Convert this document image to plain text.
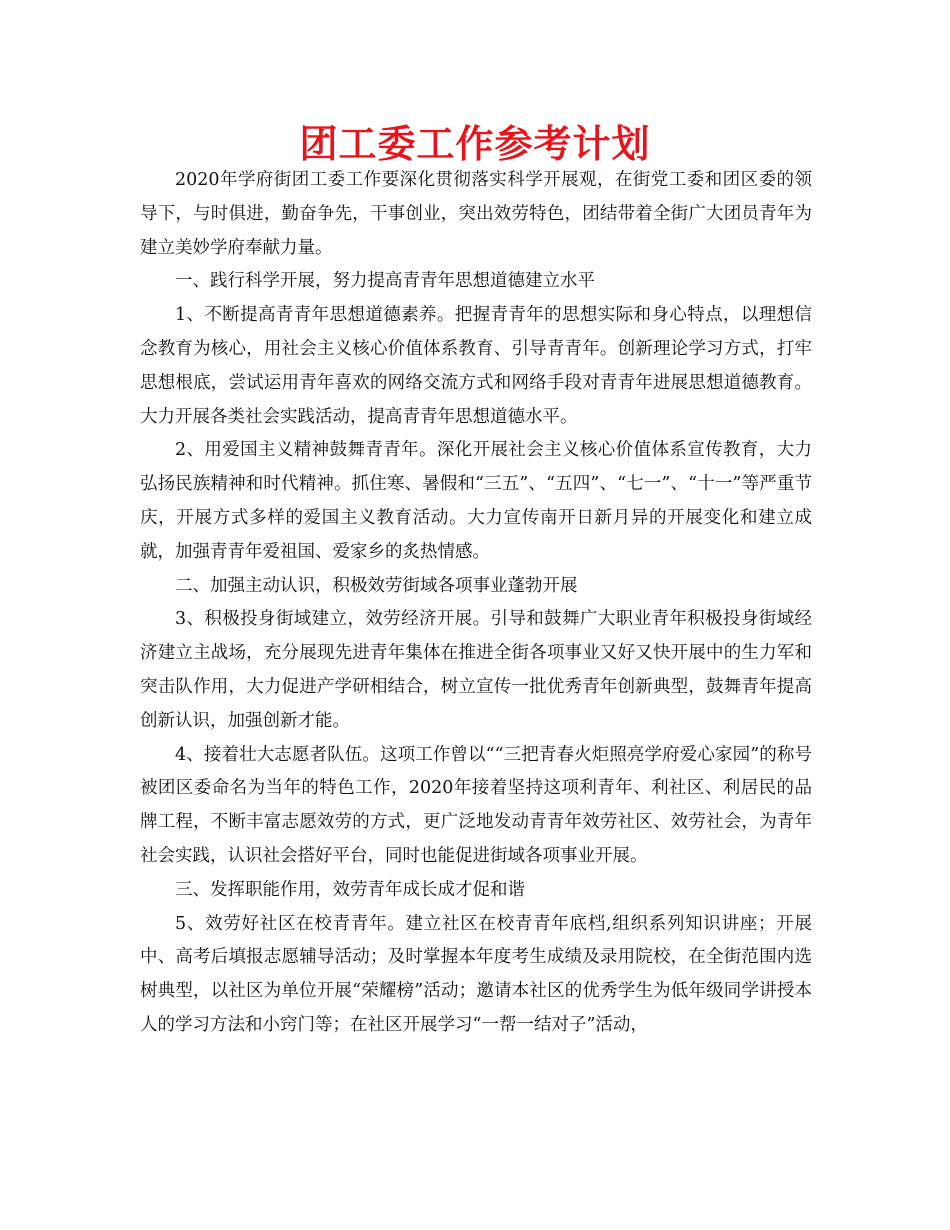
团工委工作参考计划

2020年学府街团工委工作要深化贯彻落实科学开展观，在街党工委和团区委的领导下，与时俱进，勤奋争先，干事创业，突出效劳特色，团结带着全街广大团员青年为建立美妙学府奉献力量。

一、践行科学开展，努力提高青青年思想道德建立水平

1、不断提高青青年思想道德素养。把握青青年的思想实际和身心特点，以理想信念教育为核心，用社会主义核心价值体系教育、引导青青年。创新理论学习方式，打牢思想根底，尝试运用青年喜欢的网络交流方式和网络手段对青青年进展思想道德教育。大力开展各类社会实践活动，提高青青年思想道德水平。

2、用爱国主义精神鼓舞青青年。深化开展社会主义核心价值体系宣传教育，大力弘扬民族精神和时代精神。抓住寒、暑假和“三五”、“五四”、“七一”、“十一”等严重节庆，开展方式多样的爱国主义教育活动。大力宣传南开日新月异的开展变化和建立成就，加强青青年爱祖国、爱家乡的炙热情感。

二、加强主动认识，积极效劳街域各项事业蓬勃开展

3、积极投身街域建立，效劳经济开展。引导和鼓舞广大职业青年积极投身街域经济建立主战场，充分展现先进青年集体在推进全街各项事业又好又快开展中的生力军和突击队作用，大力促进产学研相结合，树立宣传一批优秀青年创新典型，鼓舞青年提高创新认识，加强创新才能。

4、接着壮大志愿者队伍。这项工作曾以““三把青春火炬照亮学府爱心家园”的称号被团区委命名为当年的特色工作，2020年接着坚持这项利青年、利社区、利居民的品牌工程，不断丰富志愿效劳的方式，更广泛地发动青青年效劳社区、效劳社会，为青年社会实践，认识社会搭好平台，同时也能促进街域各项事业开展。

三、发挥职能作用，效劳青年成长成才促和谐

5、效劳好社区在校青青年。建立社区在校青青年底档,组织系列知识讲座；开展中、高考后填报志愿辅导活动；及时掌握本年度考生成绩及录用院校，在全街范围内选树典型，以社区为单位开展“荣耀榜”活动；邀请本社区的优秀学生为低年级同学讲授本人的学习方法和小窍门等；在社区开展学习“一帮一结对子”活动，
